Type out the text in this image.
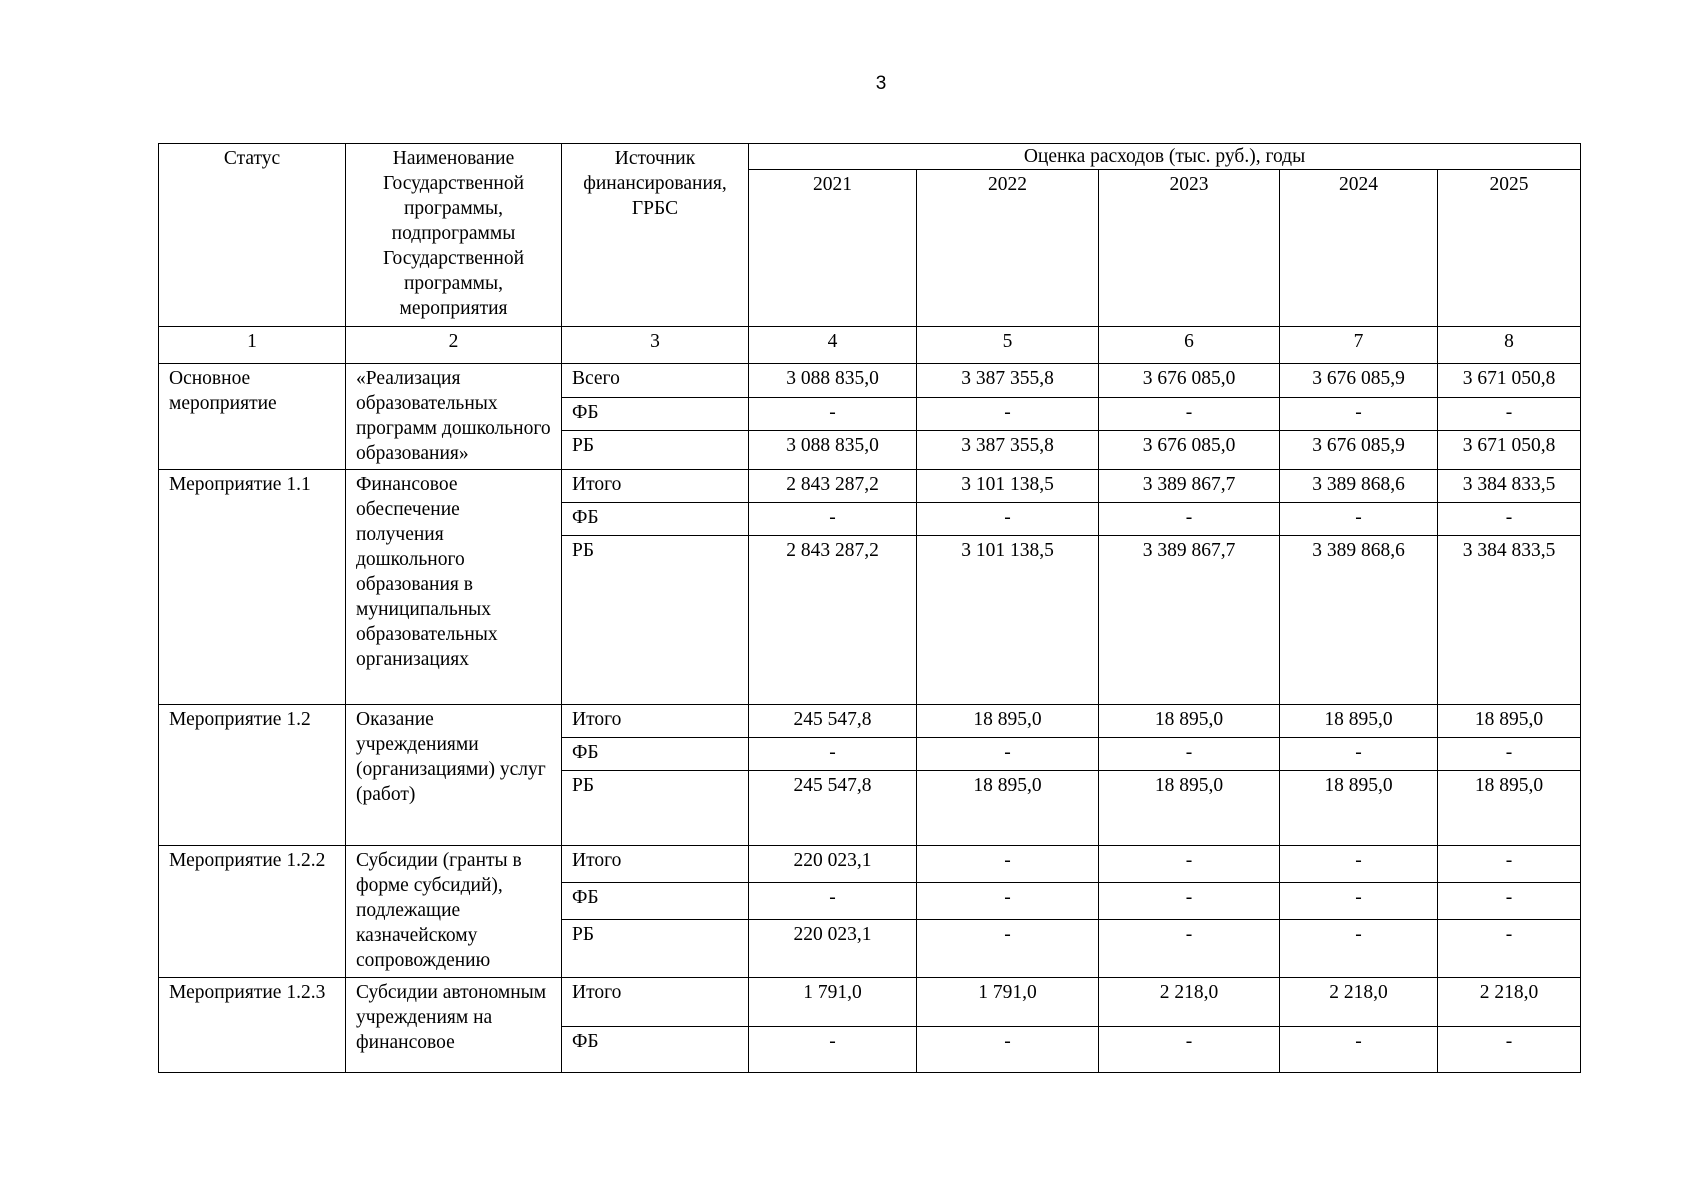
3
Статус	Наименование Государственной программы, подпрограммы Государственной программы, мероприятия	Источник финансирования, ГРБС	Оценка расходов (тыс. руб.), годы				
			2021	2022	2023	2024	2025
1	2	3	4	5	6	7	8
Основное мероприятие	«Реализация образовательных программ дошкольного образования»	Всего	3 088 835,0	3 387 355,8	3 676 085,0	3 676 085,9	3 671 050,8
		ФБ	-	-	-	-	-
		РБ	3 088 835,0	3 387 355,8	3 676 085,0	3 676 085,9	3 671 050,8
Мероприятие 1.1	Финансовое обеспечение получения дошкольного образования в муниципальных образовательных организациях	Итого	2 843 287,2	3 101 138,5	3 389 867,7	3 389 868,6	3 384 833,5
		ФБ	-	-	-	-	-
		РБ	2 843 287,2	3 101 138,5	3 389 867,7	3 389 868,6	3 384 833,5
Мероприятие 1.2	Оказание учреждениями (организациями) услуг (работ)	Итого	245 547,8	18 895,0	18 895,0	18 895,0	18 895,0
		ФБ	-	-	-	-	-
		РБ	245 547,8	18 895,0	18 895,0	18 895,0	18 895,0
Мероприятие 1.2.2	Субсидии (гранты в форме субсидий), подлежащие казначейскому сопровождению	Итого	220 023,1	-	-	-	-
		ФБ	-	-	-	-	-
		РБ	220 023,1	-	-	-	-
Мероприятие 1.2.3	Субсидии автономным учреждениям на финансовое	Итого	1 791,0	1 791,0	2 218,0	2 218,0	2 218,0
		ФБ	-	-	-	-	-
